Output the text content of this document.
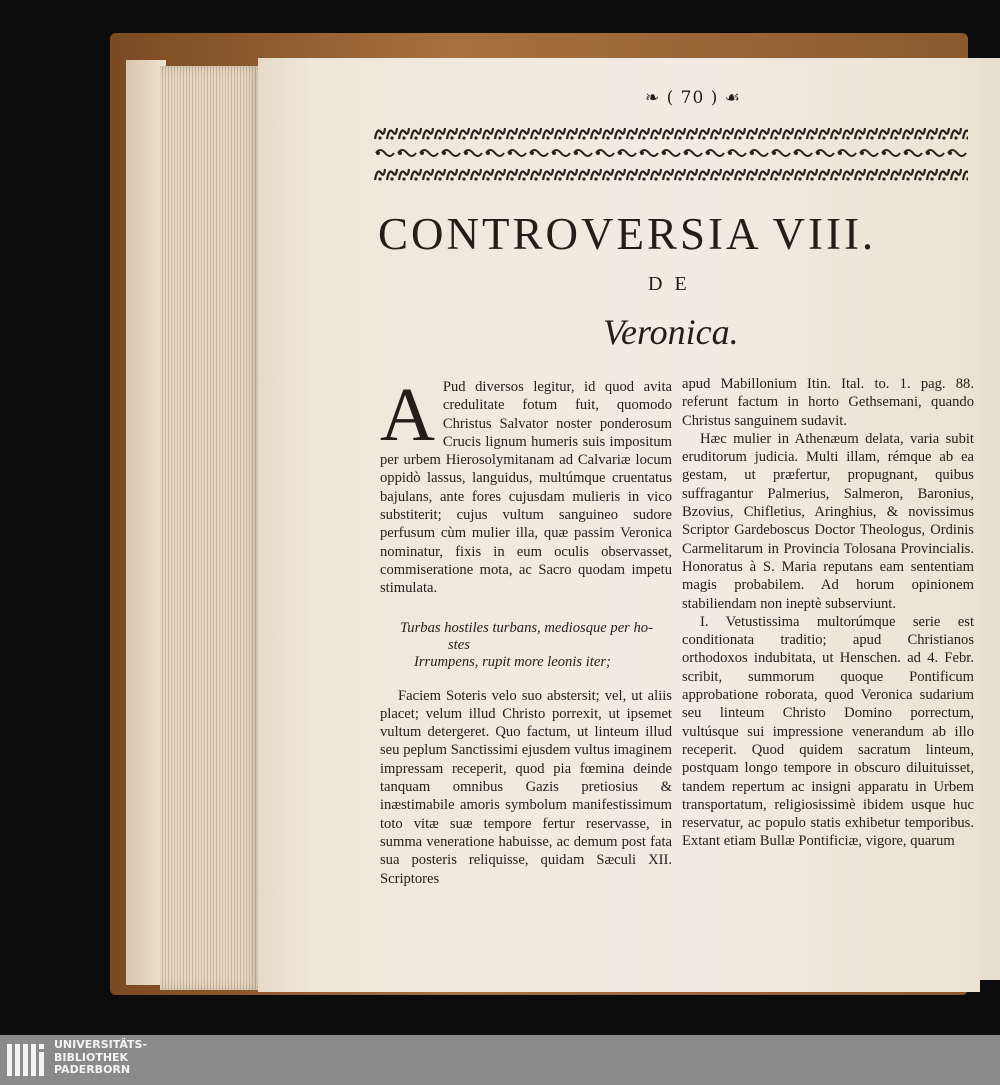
❧ ( 70 ) ☙
CONTROVERSIA VIII.
DE
Veronica.

A Pud diversos legitur, id quod avita credulitate fotum fuit, quomodo Christus Salvator noster ponderosum Crucis lignum humeris suis impositum per urbem Hierosolymitanam ad Calvariæ locum oppidò lassus, languidus, multúmque cruentatus bajulans, ante fores cujusdam mulieris in vico substiterit; cujus vultum sanguineo sudore perfusum cùm mulier illa, quæ passim Veronica nominatur, fixis in eum oculis observasset, commiseratione mota, ac Sacro quodam impetu stimulata.

Turbas hostiles turbans, mediosque per ho-
stes
Irrumpens, rupit more leonis iter;

Faciem Soteris velo suo abstersit; vel, ut aliis placet; velum illud Christo porrexit, ut ipsemet vultum detergeret. Quo factum, ut linteum illud seu peplum Sanctissimi ejusdem vultus imaginem impressam receperit, quod pia fœmina deinde tanquam omnibus Gazis pretiosius & inæstimabile amoris symbolum manifestissimum toto vitæ suæ tempore fertur reservasse, in summa veneratione habuisse, ac demum post fata sua posteris reliquisse, quidam Sæculi XII. Scriptores

apud Mabillonium Itin. Ital. to. 1. pag. 88. referunt factum in horto Gethsemani, quando Christus sanguinem sudavit.

Hæc mulier in Athenæum delata, varia subit eruditorum judicia. Multi illam, rémque ab ea gestam, ut præfertur, propugnant, quibus suffragantur Palmerius, Salmeron, Baronius, Bzovius, Chifletius, Aringhius, & novissimus Scriptor Gardeboscus Doctor Theologus, Ordinis Carmelitarum in Provincia Tolosana Provincialis. Honoratus à S. Maria reputans eam sententiam magis probabilem. Ad horum opinionem stabiliendam non ineptè subserviunt.

I. Vetustissima multorúmque serie est conditionata traditio; apud Christianos orthodoxos indubitata, ut Henschen. ad 4. Febr. scribit, summorum quoque Pontificum approbatione roborata, quod Veronica sudarium seu linteum Christo Domino porrectum, vultúsque sui impressione venerandum ab illo receperit. Quod quidem sacratum linteum, postquam longo tempore in obscuro diluituisset, tandem repertum ac insigni apparatu in Urbem transportatum, religiosissimè ibidem usque huc reservatur, ac populo statis exhibetur temporibus. Extant etiam Bullæ Pontificiæ, vigore, quarum

UNIVERSITÄTS-
BIBLIOTHEK
PADERBORN
